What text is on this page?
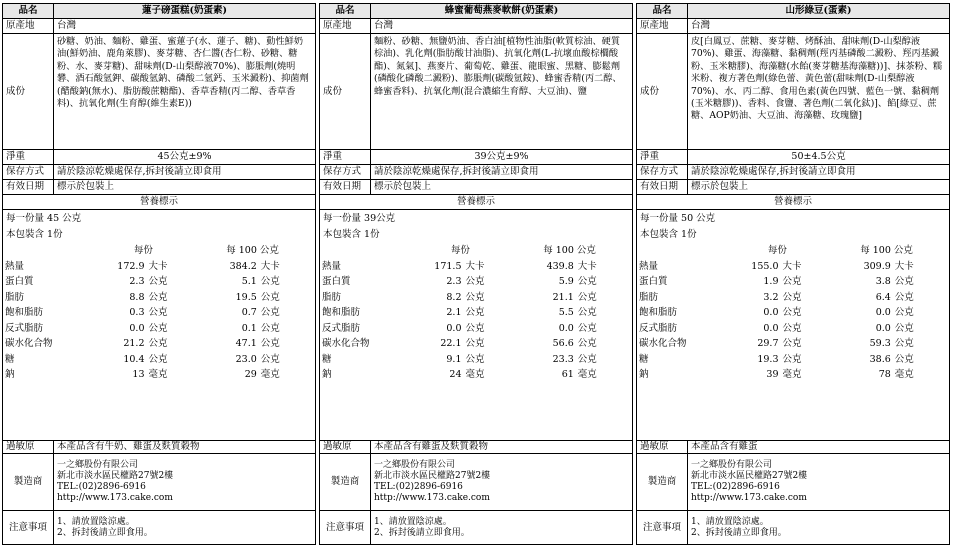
品名	蓮子磅蛋糕(奶蛋素)
原產地	台灣
成份	砂糖、奶油、麵粉、雞蛋、蜜蓮子(水、蓮子、糖)、動性鮮奶油(鮮奶油、鹿角萊膠)、麥芽糖、杏仁醬(杏仁粉、砂糖、糖粉、水、麥芽糖)、甜味劑(D-山梨醇液70%)、膨脹劑(燒明礬、酒石酸氫鉀、碳酸氫鈉、磷酸二氫鈣、玉米澱粉)、抑菌劑(醋酸鈉(無水)、脂肪酸蔗糖酯)、香草香精(丙二醇、香草香料)、抗氧化劑(生育醇(維生素E))
淨重	45公克±9%
保存方式	請於陰涼乾燥處保存,拆封後請立即食用
有效日期	標示於包裝上
營養標示

每一份量 45 公克
本包裝含 1份
	每份	每 100 公克
熱量	172.9	大卡	384.2	大卡
蛋白質	2.3	公克	5.1	公克
脂肪	8.8	公克	19.5	公克
飽和脂肪	0.3	公克	0.7	公克
反式脂肪	0.0	公克	0.1	公克
碳水化合物	21.2	公克	47.1	公克
糖	10.4	公克	23.0	公克
鈉	13	毫克	29	毫克

過敏原	本產品含有牛奶、雞蛋及麩質穀物
製造商	
一之鄉股份有限公司
新北市淡水區民權路27號2樓
TEL:(02)2896-6916
http://www.173.cake.com

注意事項	1、請放置陰涼處。
2、拆封後請立即食用。
品名	蜂蜜葡萄燕麥軟餅(奶蛋素)
原產地	台灣
成份	麵粉、砂糖、無鹽奶油、香白油[植物性油脂(軟質棕油、硬質棕油)、乳化劑(脂肪酸甘油脂)、抗氧化劑(L-抗壞血酸棕櫚酸酯)、氮氣]、燕麥片、葡萄乾、雞蛋、龍眼蜜、黑糖、膨鬆劑(磷酸化磷酸二澱粉)、膨脹劑(碳酸氫銨)、蜂蜜香精(丙二醇、蜂蜜香料)、抗氧化劑(混合濃縮生育醇、大豆油)、鹽
淨重	39公克±9%
保存方式	請於陰涼乾燥處保存,拆封後請立即食用
有效日期	標示於包裝上
營養標示

每一份量 39公克
本包裝含 1份
	每份	每 100 公克
熱量	171.5	大卡	439.8	大卡
蛋白質	2.3	公克	5.9	公克
脂肪	8.2	公克	21.1	公克
飽和脂肪	2.1	公克	5.5	公克
反式脂肪	0.0	公克	0.0	公克
碳水化合物	22.1	公克	56.6	公克
糖	9.1	公克	23.3	公克
鈉	24	毫克	61	毫克

過敏原	本產品含有雞蛋及麩質穀物
製造商	
一之鄉股份有限公司
新北市淡水區民權路27號2樓
TEL:(02)2896-6916
http://www.173.cake.com

注意事項	1、請放置陰涼處。
2、拆封後請立即食用。
品名	山形綠豆(蛋素)
原產地	台灣
成份	皮[白鳳豆、蔗糖、麥芽糖、烤酥油、甜味劑(D-山梨醇液70%)、雞蛋、海藻糖、黏稠劑(羥丙基磷酸二澱粉、羥丙基澱粉、玉米糖膠)、海藻糖(水飴(麥芽糖基海藻糖))]、抹茶粉、糯米粉、複方著色劑(綠色蕾、黃色蕾(甜味劑(D-山梨醇液70%)、水、丙二醇、食用色素(黃色四號、藍色一號、黏稠劑(玉米糖膠))、香料、食鹽、著色劑(二氧化鈦)]、餡[綠豆、蔗糖、AOP奶油、大豆油、海藻糖、玫瑰鹽]
淨重	50±4.5公克
保存方式	請於陰涼乾燥處保存,拆封後請立即食用
有效日期	標示於包裝上
營養標示

每一份量 50 公克
本包裝含 1份
	每份	每 100 公克
熱量	155.0	大卡	309.9	大卡
蛋白質	1.9	公克	3.8	公克
脂肪	3.2	公克	6.4	公克
飽和脂肪	0.0	公克	0.0	公克
反式脂肪	0.0	公克	0.0	公克
碳水化合物	29.7	公克	59.3	公克
糖	19.3	公克	38.6	公克
鈉	39	毫克	78	毫克

過敏原	本產品含有雞蛋
製造商	
一之鄉股份有限公司
新北市淡水區民權路27號2樓
TEL:(02)2896-6916
http://www.173.cake.com

注意事項	1、請放置陰涼處。
2、拆封後請立即食用。
